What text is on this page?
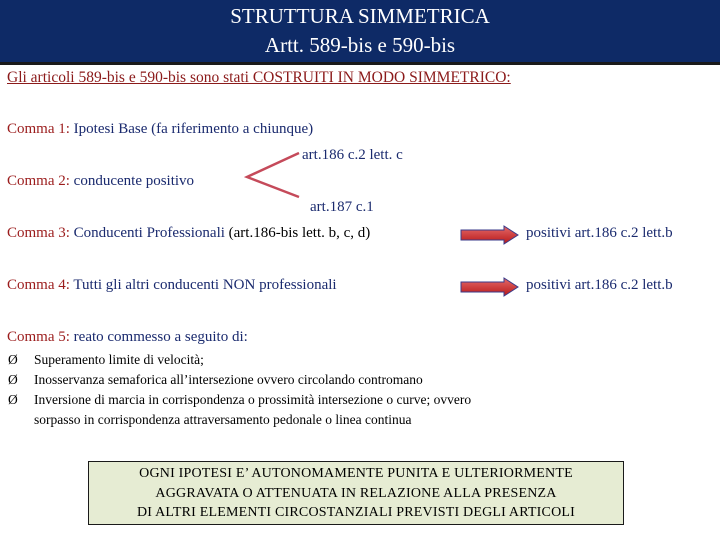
STRUTTURA SIMMETRICA
Artt. 589-bis e 590-bis
Gli articoli 589-bis e 590-bis sono stati COSTRUITI IN MODO SIMMETRICO:
Comma 1: Ipotesi Base (fa riferimento a chiunque)
art.186 c.2 lett. c
Comma 2: conducente positivo
art.187 c.1
Comma 3: Conducenti Professionali (art.186-bis lett. b, c, d)	positivi art.186 c.2 lett.b
Comma 4: Tutti gli altri conducenti NON professionali	positivi art.186 c.2 lett.b
Comma 5: reato commesso a seguito di:
Ø Superamento limite di velocità;
Ø Inosservanza semaforica all’intersezione ovvero circolando contromano
Ø Inversione di marcia in corrispondenza o prossimità intersezione o curve; ovvero
sorpasso in corrispondenza attraversamento pedonale o linea continua
OGNI IPOTESI E’ AUTONOMAMENTE PUNITA E ULTERIORMENTE
AGGRAVATA O ATTENUATA IN RELAZIONE ALLA PRESENZA
DI ALTRI ELEMENTI CIRCOSTANZIALI PREVISTI DEGLI ARTICOLI
